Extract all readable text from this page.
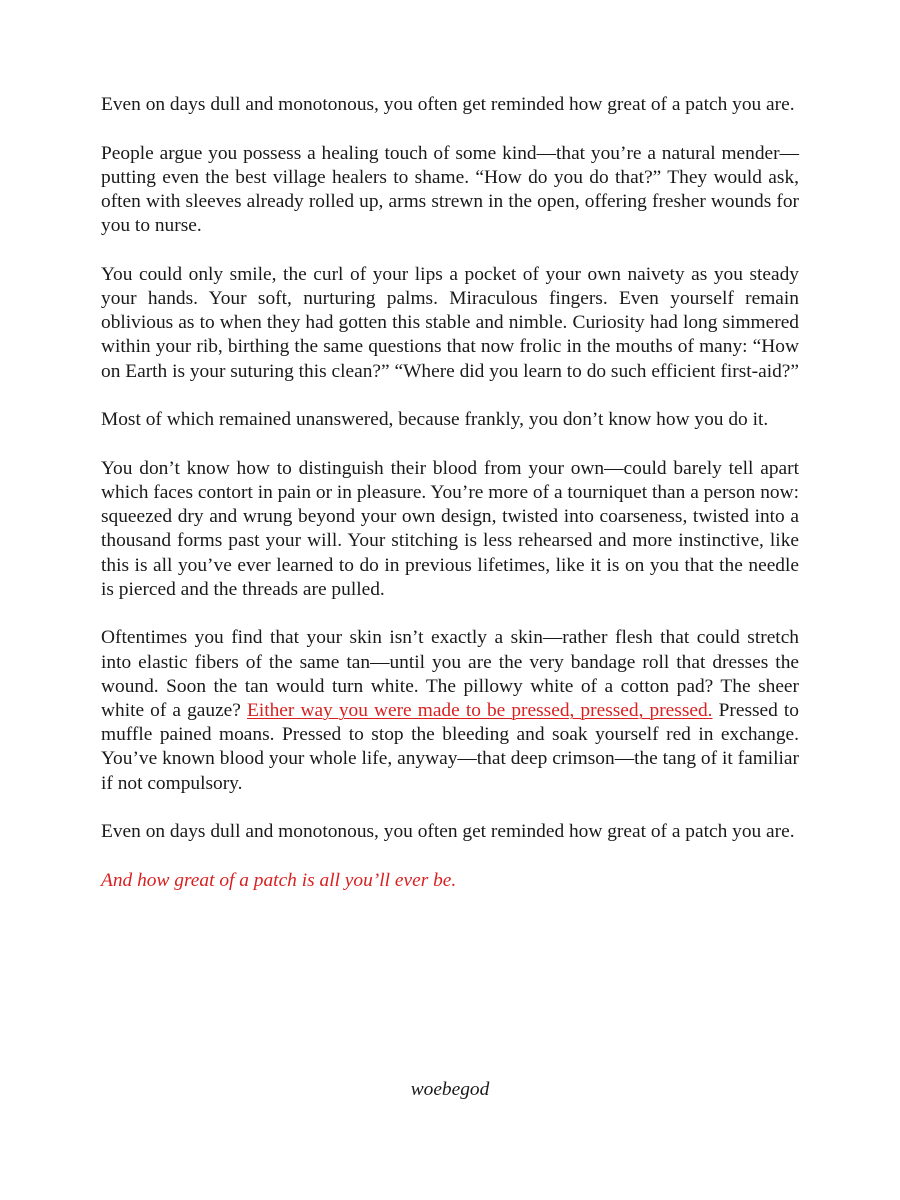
Even on days dull and monotonous, you often get reminded how great of a patch you are.

People argue you possess a healing touch of some kind—that you’re a natural mender—putting even the best village healers to shame. “How do you do that?” They would ask, often with sleeves already rolled up, arms strewn in the open, offering fresher wounds for you to nurse.

You could only smile, the curl of your lips a pocket of your own naivety as you steady your hands. Your soft, nurturing palms. Miraculous fingers. Even yourself remain oblivious as to when they had gotten this stable and nimble. Curiosity had long simmered within your rib, birthing the same questions that now frolic in the mouths of many: “How on Earth is your suturing this clean?” “Where did you learn to do such efficient first-aid?”

Most of which remained unanswered, because frankly, you don’t know how you do it.

You don’t know how to distinguish their blood from your own—could barely tell apart which faces contort in pain or in pleasure. You’re more of a tourniquet than a person now: squeezed dry and wrung beyond your own design, twisted into coarseness, twisted into a thousand forms past your will. Your stitching is less rehearsed and more instinctive, like this is all you’ve ever learned to do in previous lifetimes, like it is on you that the needle is pierced and the threads are pulled.

Oftentimes you find that your skin isn’t exactly a skin—rather flesh that could stretch into elastic fibers of the same tan—until you are the very bandage roll that dresses the wound. Soon the tan would turn white. The pillowy white of a cotton pad? The sheer white of a gauze? Either way you were made to be pressed, pressed, pressed. Pressed to muffle pained moans. Pressed to stop the bleeding and soak yourself red in exchange. You’ve known blood your whole life, anyway—that deep crimson—the tang of it familiar if not compulsory.

Even on days dull and monotonous, you often get reminded how great of a patch you are.

And how great of a patch is all you’ll ever be.

woebegod
